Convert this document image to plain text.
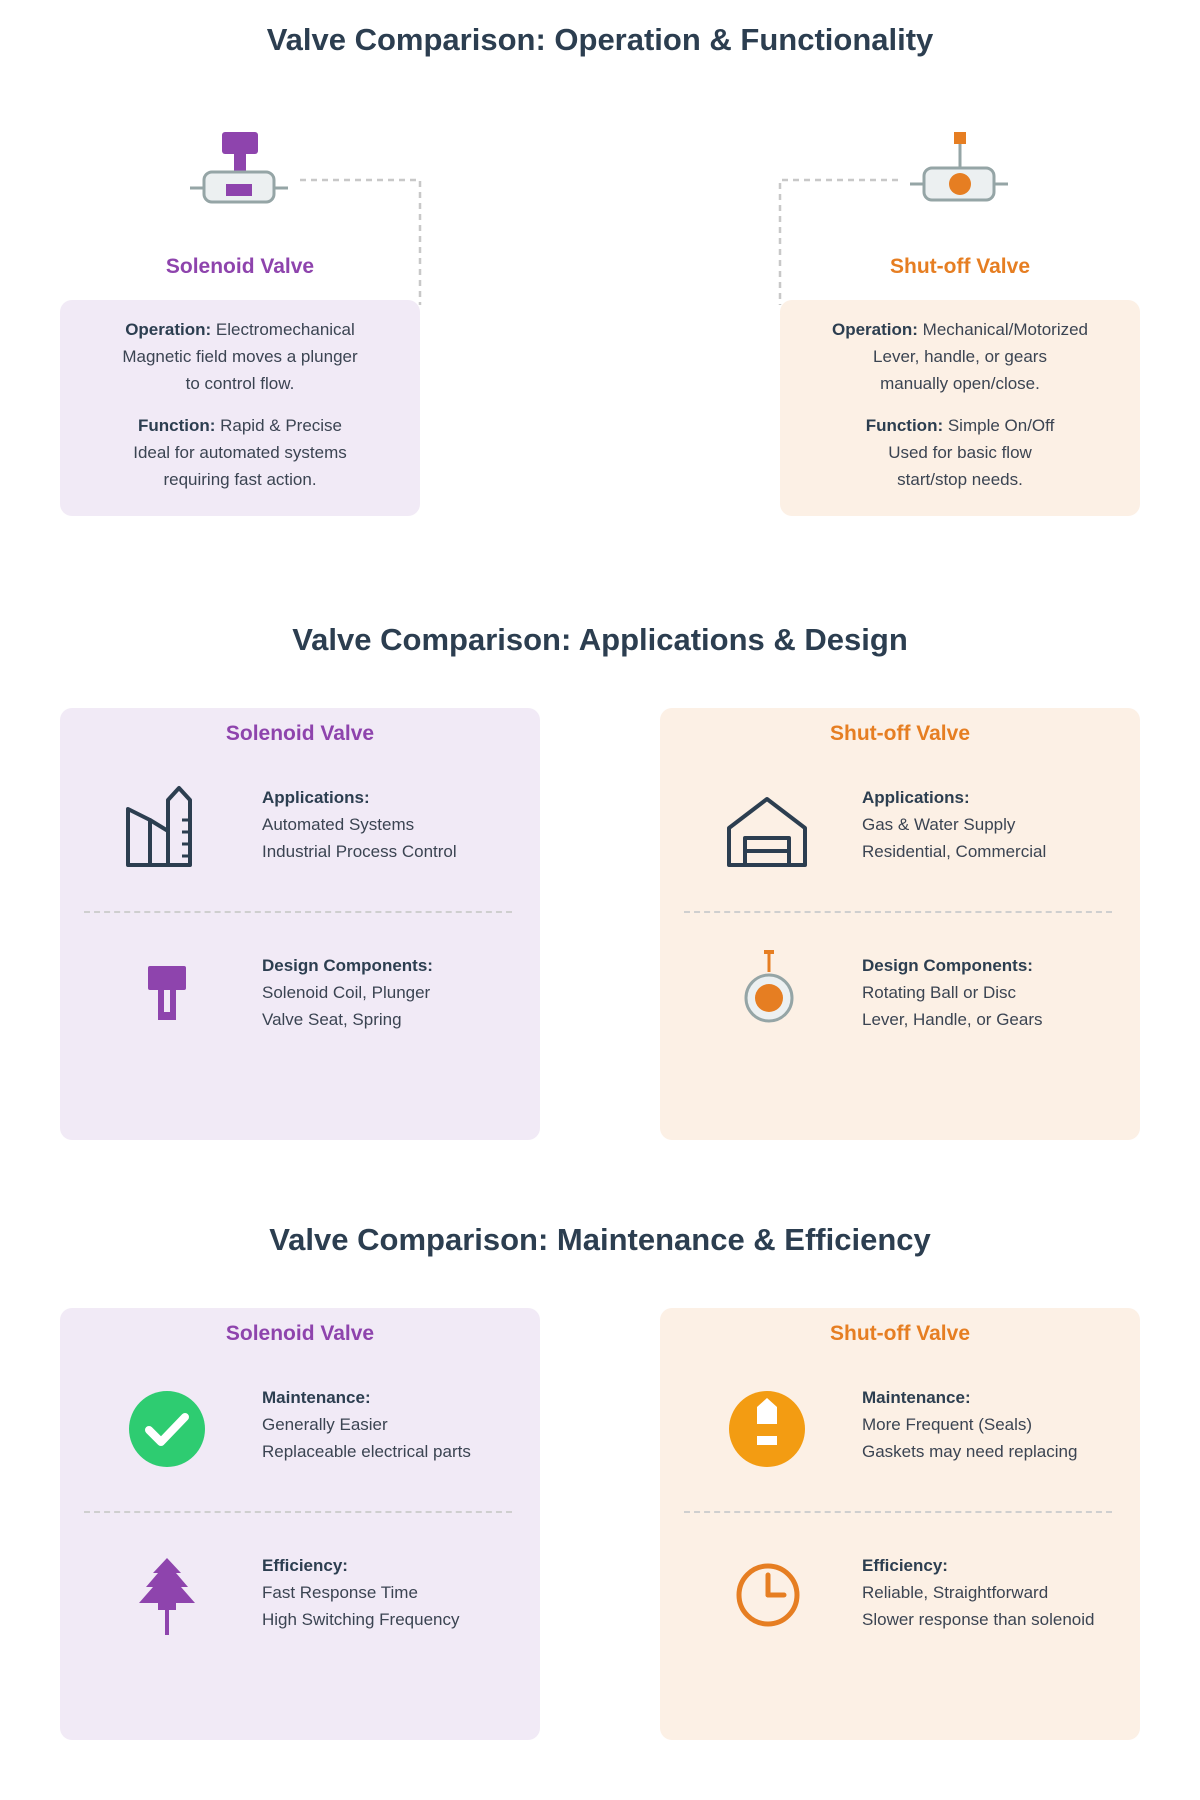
Valve Comparison: Operation & Functionality
Solenoid Valve	Shut-off Valve
Operation: Electromechanical
Magnetic field moves a plunger
to control flow.
Function: Rapid & Precise
Ideal for automated systems
requiring fast action.
Operation: Mechanical/Motorized
Lever, handle, or gears
manually open/close.
Function: Simple On/Off
Used for basic flow
start/stop needs.
Valve Comparison: Applications & Design
Solenoid Valve
Applications:
Automated Systems
Industrial Process Control
Design Components:
Solenoid Coil, Plunger
Valve Seat, Spring
Shut-off Valve
Applications:
Gas & Water Supply
Residential, Commercial
Design Components:
Rotating Ball or Disc
Lever, Handle, or Gears
Valve Comparison: Maintenance & Efficiency
Solenoid Valve
Maintenance:
Generally Easier
Replaceable electrical parts
Efficiency:
Fast Response Time
High Switching Frequency
Shut-off Valve
Maintenance:
More Frequent (Seals)
Gaskets may need replacing
Efficiency:
Reliable, Straightforward
Slower response than solenoid
